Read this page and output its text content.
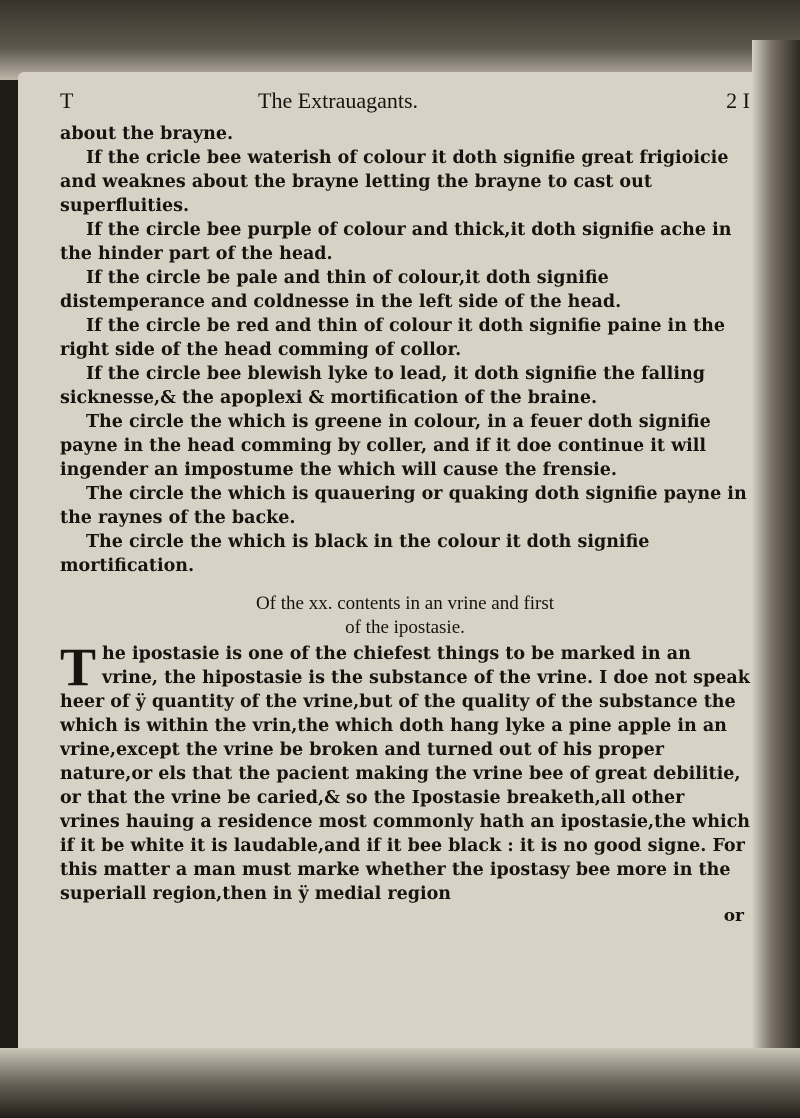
T	The Extrauagants.	2 I

about the brayne.

If the cricle bee waterish of colour it doth signifie great frigioicie and weaknes about the brayne letting the brayne to cast out superfluities.

If the circle bee purple of colour and thick,it doth signifie ache in the hinder part of the head.

If the circle be pale and thin of colour,it doth signifie distemperance and coldnesse in the left side of the head.

If the circle be red and thin of colour it doth signifie paine in the right side of the head comming of collor.

If the circle bee blewish lyke to lead, it doth signifie the falling sicknesse,& the apoplexi & mortification of the braine.

The circle the which is greene in colour, in a feuer doth signifie payne in the head comming by coller, and if it doe continue it will ingender an impostume the which will cause the frensie.

The circle the which is quauering or quaking doth signifie payne in the raynes of the backe.

The circle the which is black in the colour it doth signifie mortification.

Of the xx. contents in an vrine and first

of the ipostasie.

T he ipostasie is one of the chiefest things to be marked in an vrine, the hipostasie is the substance of the vrine. I doe not speak heer of ÿ quantity of the vrine,but of the quality of the substance the which is within the vrin,the which doth hang lyke a pine apple in an vrine,except the vrine be broken and turned out of his proper nature,or els that the pacient making the vrine bee of great debilitie, or that the vrine be caried,& so the Ipostasie breaketh,all other vrines hauing a residence most commonly hath an ipostasie,the which if it be white it is laudable,and if it bee black : it is no good signe. For this matter a man must marke whether the ipostasy bee more in the superiall region,then in ÿ medial region

or
